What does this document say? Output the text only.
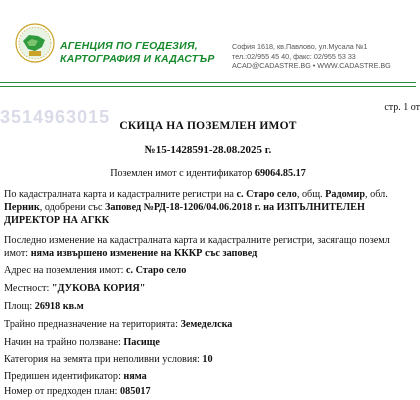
АГЕНЦИЯ ПО ГЕОДЕЗИЯ,
КАРТОГРАФИЯ И КАДАСТЪР
София 1618, кв.Павлово, ул.Мусала №1
тел.:02/955 45 40, факс: 02/955 53 33
ACAD@CADASTRE.BG • WWW.CADASTRE.BG
3514963015	стр. 1 от
СКИЦА НА ПОЗЕМЛЕН ИМОТ
№15-1428591-28.08.2025 г.
Поземлен имот с идентификатор 69064.85.17
По кадастралната карта и кадастралните регистри на с. Старо село, общ. Радомир, обл.
Перник, одобрени със Заповед №РД-18-1206/04.06.2018 г. на ИЗПЪЛНИТЕЛЕН
ДИРЕКТОР НА АГКК
Последно изменение на кадастралната карта и кадастралните регистри, засягащо поземл
имот: няма извършено изменение на КККР със заповед
Адрес на поземления имот: с. Старо село
Местност: "ДУКОВА КОРИЯ"
Площ: 26918 кв.м
Трайно предназначение на територията: Земеделска
Начин на трайно ползване: Пасище
Категория на земята при неполивни условия: 10
Предишен идентификатор: няма
Номер от предходен план: 085017
